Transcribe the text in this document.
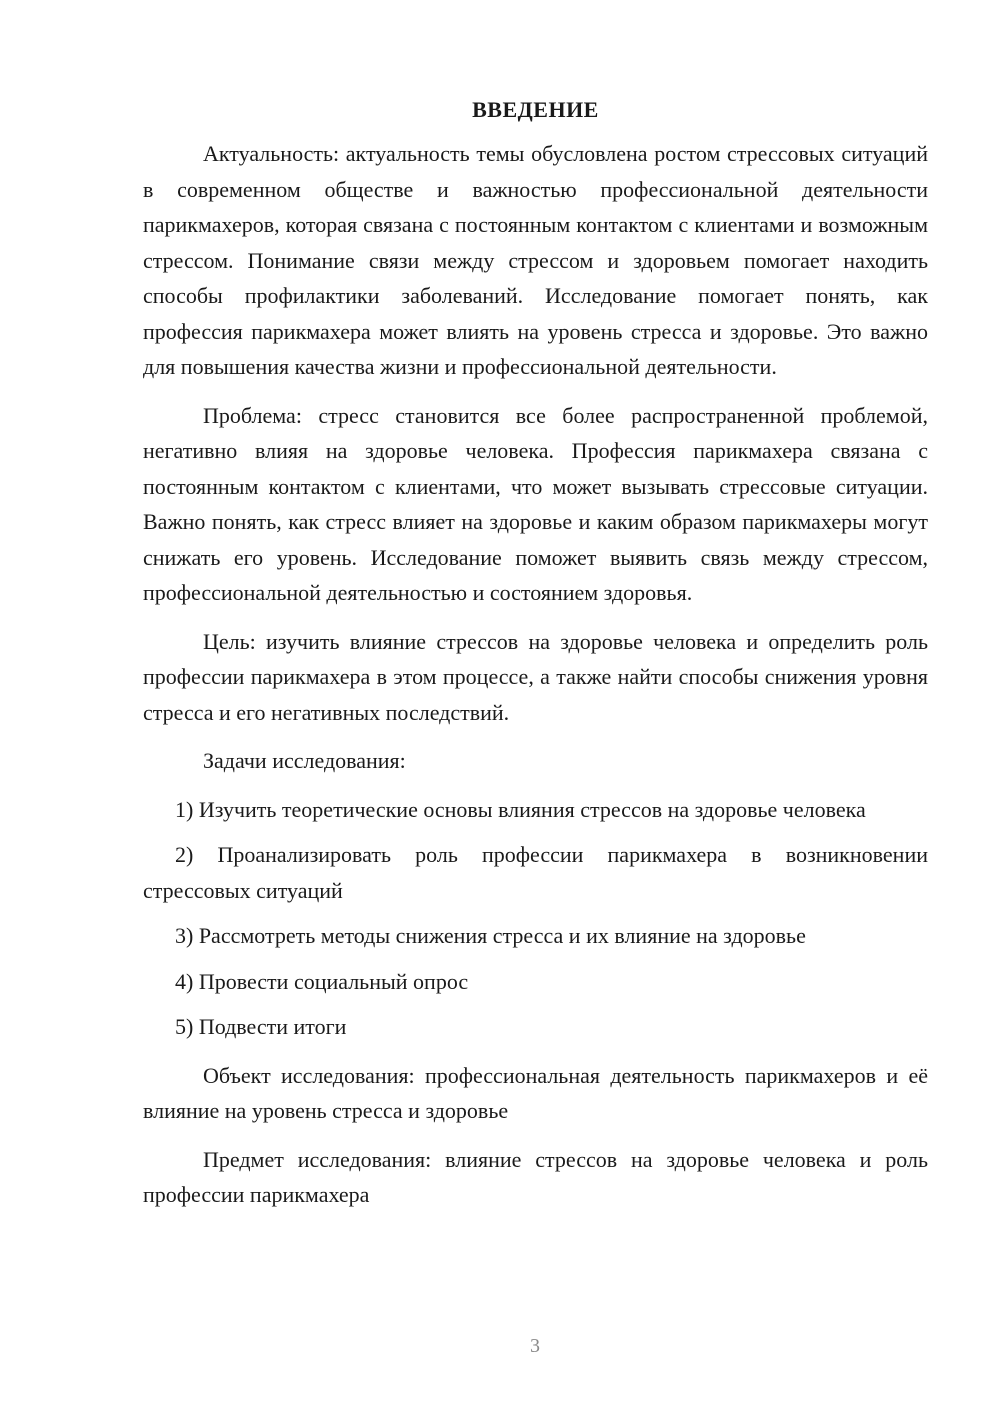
ВВЕДЕНИЕ

Актуальность: актуальность темы обусловлена ростом стрессовых ситуаций в современном обществе и важностью профессиональной деятельности парикмахеров, которая связана с постоянным контактом с клиентами и возможным стрессом. Понимание связи между стрессом и здоровьем помогает находить способы профилактики заболеваний. Исследование помогает понять, как профессия парикмахера может влиять на уровень стресса и здоровье. Это важно для повышения качества жизни и профессиональной деятельности.

Проблема: стресс становится все более распространенной проблемой, негативно влияя на здоровье человека. Профессия парикмахера связана с постоянным контактом с клиентами, что может вызывать стрессовые ситуации. Важно понять, как стресс влияет на здоровье и каким образом парикмахеры могут снижать его уровень. Исследование поможет выявить связь между стрессом, профессиональной деятельностью и состоянием здоровья.

Цель: изучить влияние стрессов на здоровье человека и определить роль профессии парикмахера в этом процессе, а также найти способы снижения уровня стресса и его негативных последствий.

Задачи исследования:

1) Изучить теоретические основы влияния стрессов на здоровье человека

2) Проанализировать роль профессии парикмахера в возникновении стрессовых ситуаций

3) Рассмотреть методы снижения стресса и их влияние на здоровье

4) Провести социальный опрос

5) Подвести итоги

Объект исследования: профессиональная деятельность парикмахеров и её влияние на уровень стресса и здоровье

Предмет исследования: влияние стрессов на здоровье человека и роль профессии парикмахера

3
